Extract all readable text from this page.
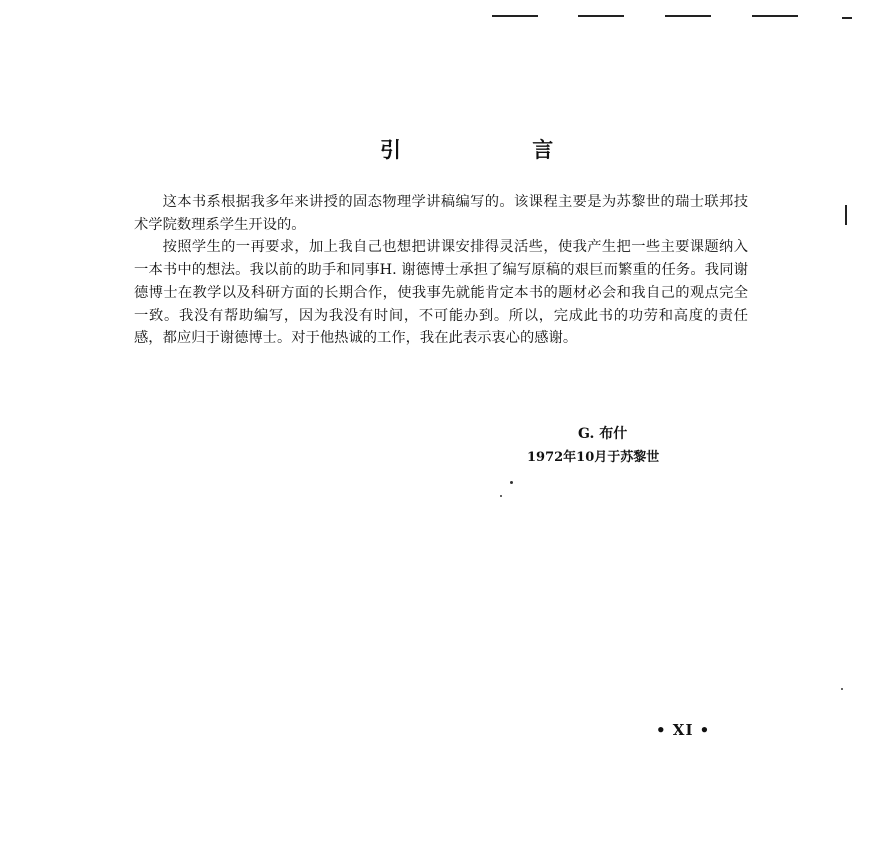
引 言

这本书系根据我多年来讲授的固态物理学讲稿编写的。该课程主要是为苏黎世的瑞士联邦技术学院数理系学生开设的。

按照学生的一再要求，加上我自己也想把讲课安排得灵活些，使我产生把一些主要课题纳入一本书中的想法。我以前的助手和同事H. 谢德博士承担了编写原稿的艰巨而繁重的任务。我同谢德博士在教学以及科研方面的长期合作，使我事先就能肯定本书的题材必会和我自己的观点完全一致。我没有帮助编写，因为我没有时间，不可能办到。所以，完成此书的功劳和高度的责任感，都应归于谢德博士。对于他热诚的工作，我在此表示衷心的感谢。

G. 布什
1972年10月于苏黎世
• XI •
